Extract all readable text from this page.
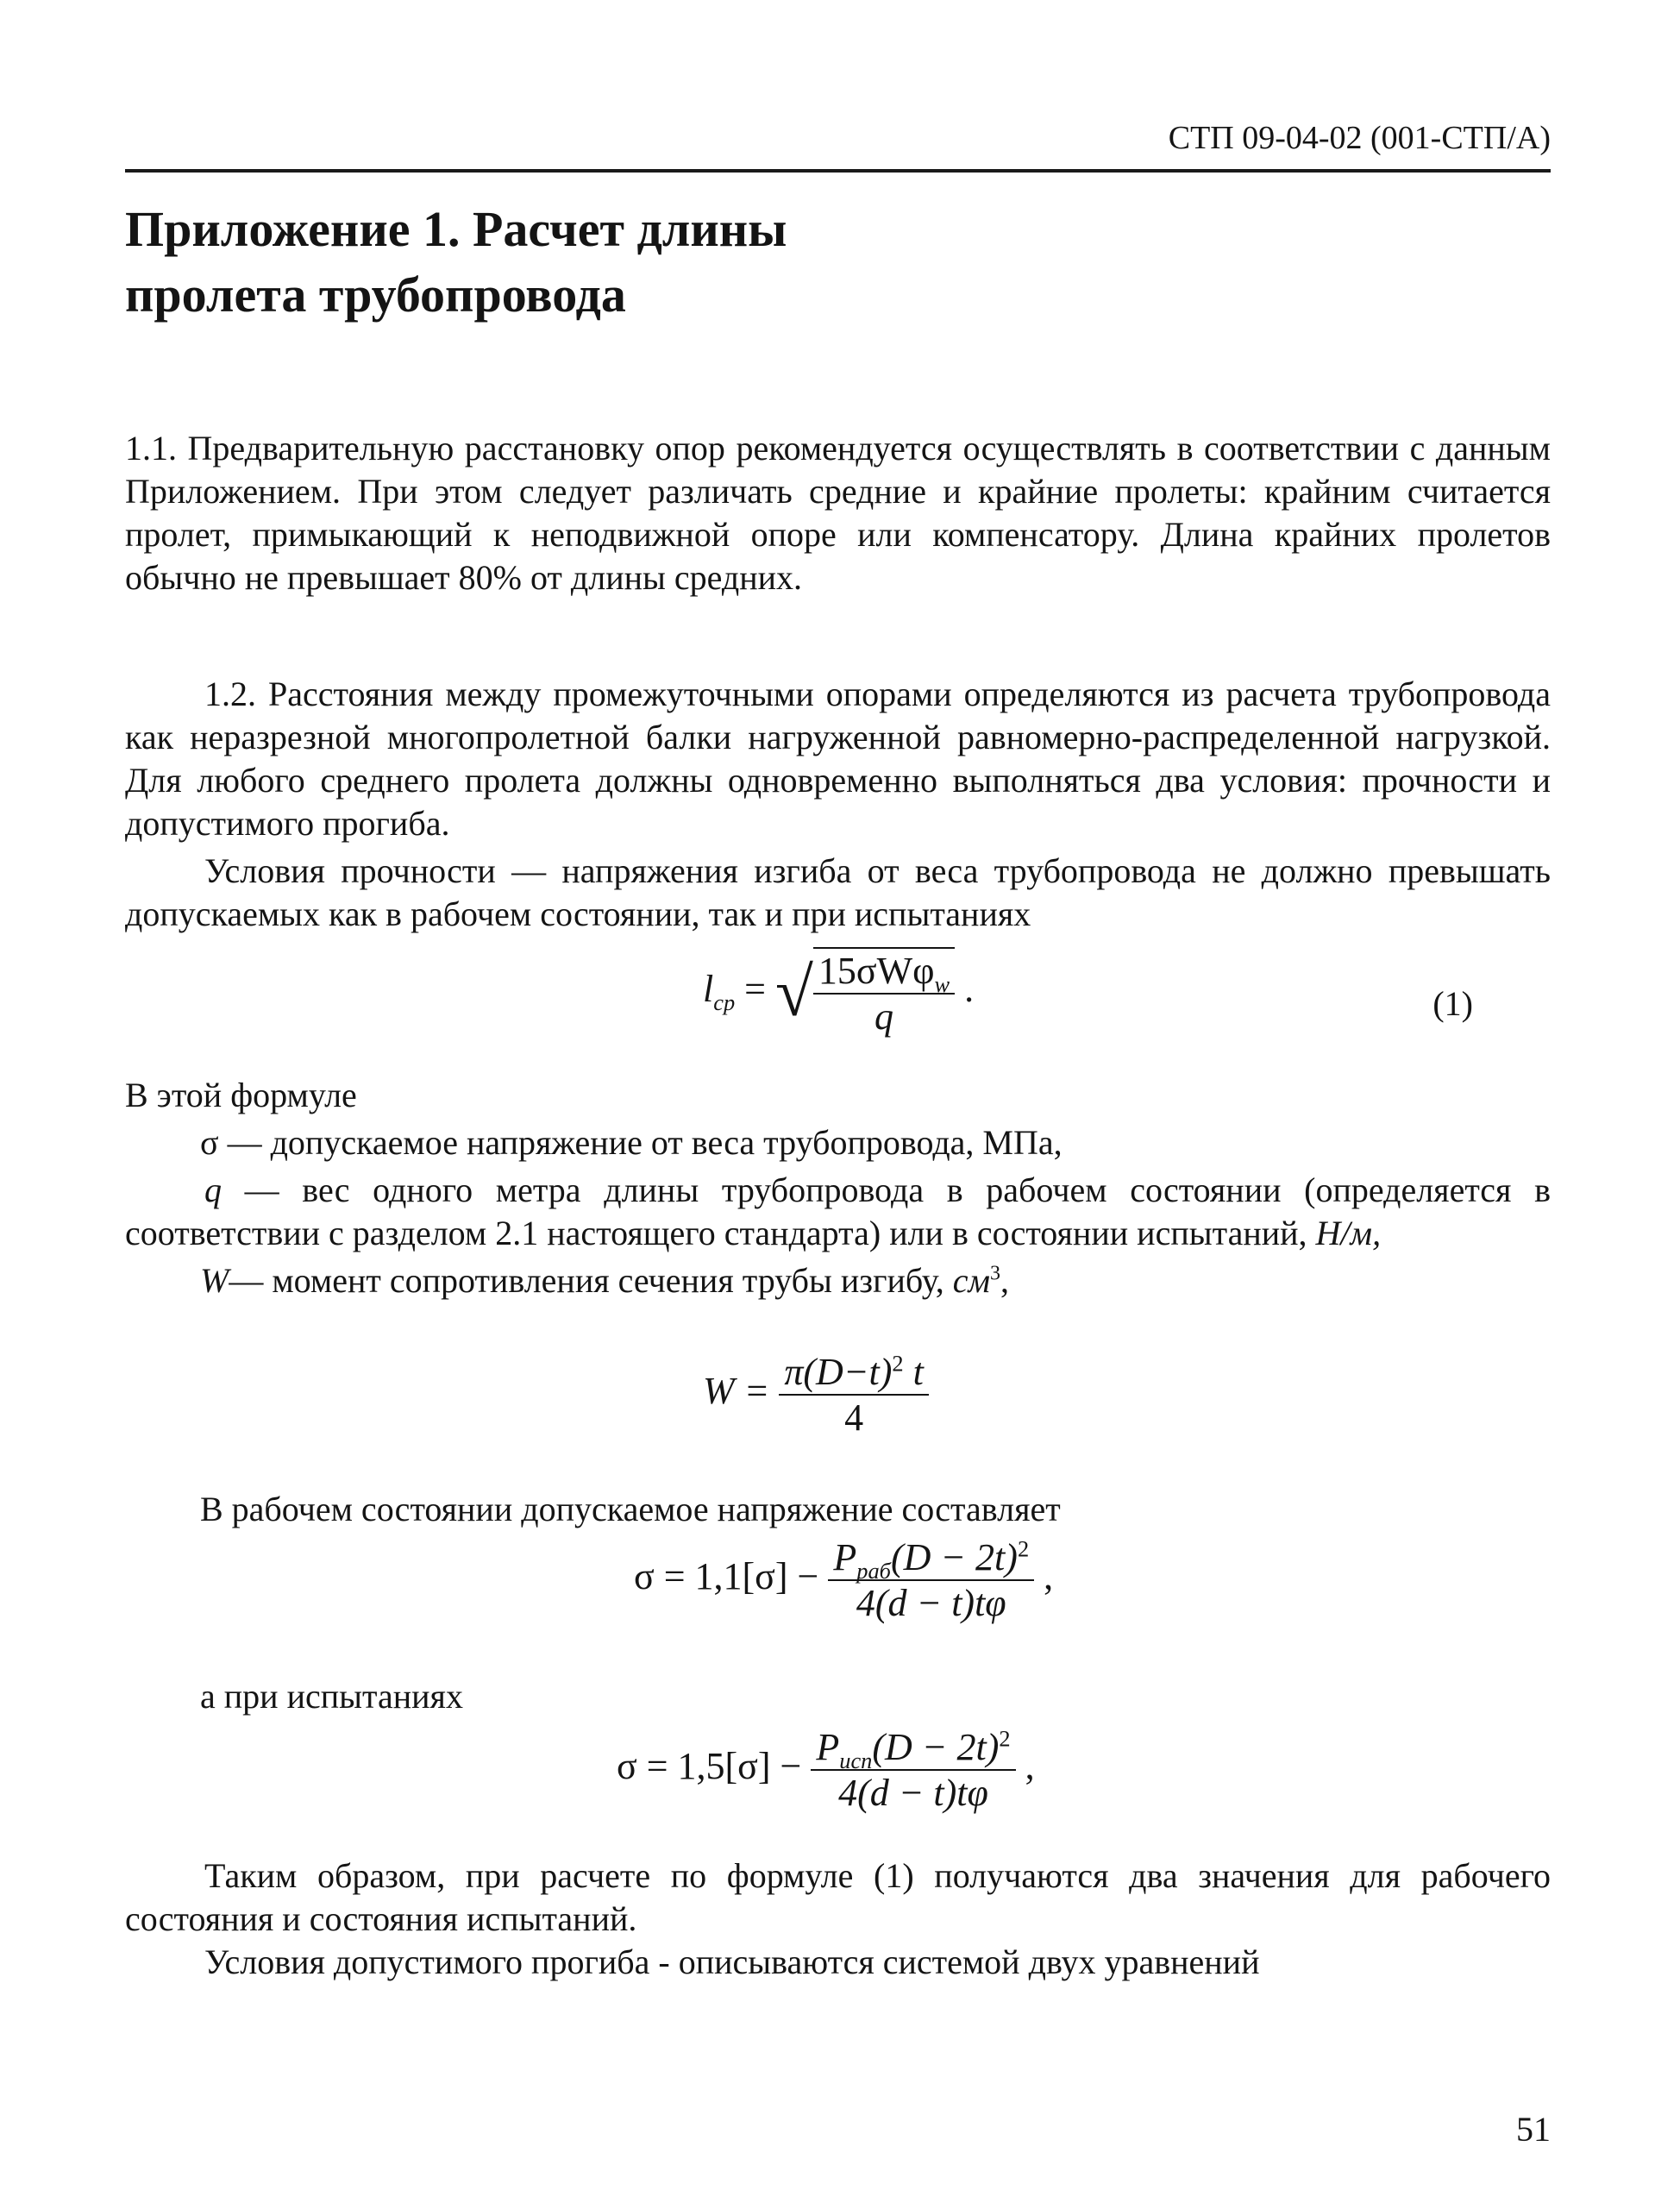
СТП 09-04-02 (001-СТП/А)
Приложение 1. Расчет длины
пролета трубопровода

1.1. Предварительную расстановку опор рекомендуется осуществлять в соответствии с данным Приложением. При этом следует различать средние и крайние пролеты: крайним считается пролет, примыкающий к неподвижной опоре или компенсатору. Длина крайних пролетов обычно не превышает 80% от длины средних.

1.2. Расстояния между промежуточными опорами определяются из расчета трубопровода как неразрезной многопролетной балки нагруженной равномерно-распределенной нагрузкой. Для любого среднего пролета должны одновременно выполняться два условия: прочности и допустимого прогиба.

Условия прочности — напряжения изгиба от веса трубопровода не должно превышать допускаемых как в рабочем состоянии, так и при испытаниях

$l_{ср}$ = √ $\frac{15\sigma W\varphi_w}{q}$ .	(1)
В этой формуле
σ — допускаемое напряжение от веса трубопровода, МПа,

q — вес одного метра длины трубопровода в рабочем состоянии (определяется в соответствии с разделом 2.1 настоящего стандарта) или в состоянии испытаний, Н/м,

W— момент сопротивления сечения трубы изгибу, $см^3$,
$W = \frac{\pi(D-t)^2 t}{4}$
В рабочем состоянии допускаемое напряжение составляет
$\sigma = 1,1[\sigma] - \frac{P_{раб}(D - 2t)^2}{4(d - t)t\varphi}$ ,
а при испытаниях
$\sigma = 1,5[\sigma] - \frac{P_{исп}(D - 2t)^2}{4(d - t)t\varphi}$ ,

Таким образом, при расчете по формуле (1) получаются два значения для рабочего состояния и состояния испытаний.

Условия допустимого прогиба - описываются системой двух уравнений

51
